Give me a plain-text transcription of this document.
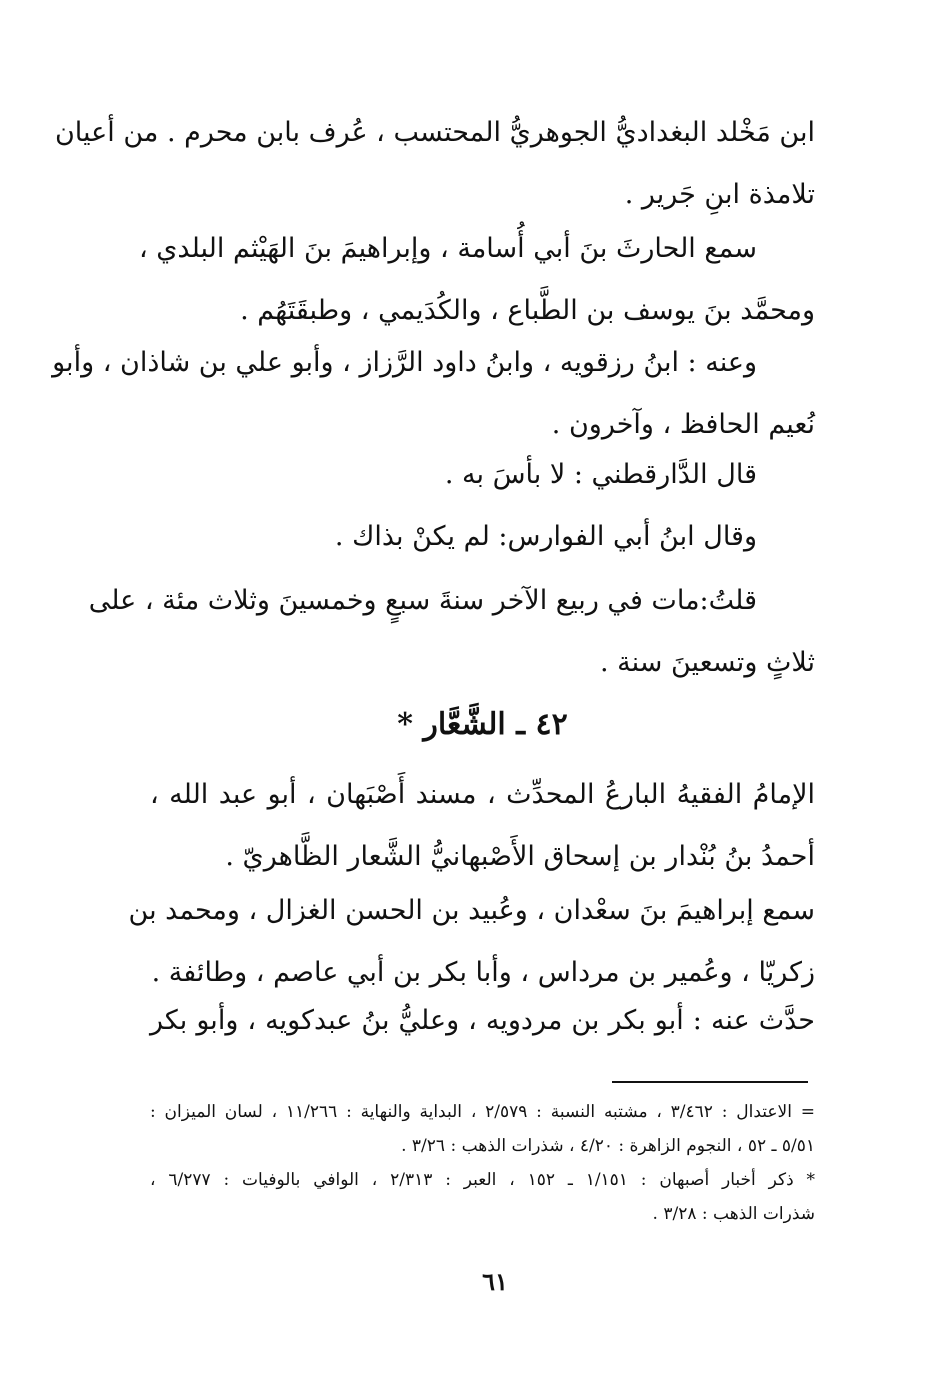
ابن مَخْلد البغداديُّ الجوهريُّ المحتسب ، عُرف بابن محرم . من أعيان
تلامذة ابنِ جَرير .
سمع الحارثَ بنَ أبي أُسامة ، وإبراهيمَ بنَ الهَيْثم البلدي ،
ومحمَّد بنَ يوسف بن الطَّباع ، والكُدَيمي ، وطبقَتَهُم .
وعنه : ابنُ رزقويه ، وابنُ داود الرَّزاز ، وأبو علي بن شاذان ، وأبو
نُعيم الحافظ ، وآخرون .
قال الدَّارقطني : لا بأسَ به .
وقال ابنُ أبي الفوارس: لم يكنْ بذاك .
قلتُ:مات في ربيع الآخر سنةَ سبعٍ وخمسينَ وثلاث مئة ، على
ثلاثٍ وتسعينَ سنة .
٤٢ ـ الشَّعَّار *
الإمامُ الفقيهُ البارعُ المحدِّث ، مسند أَصْبَهان ، أبو عبد الله ،
أحمدُ بنُ بُنْدار بن إسحاق الأَصْبهانيُّ الشَّعار الظَّاهريّ .
سمع إبراهيمَ بنَ سعْدان ، وعُبيد بن الحسن الغزال ، ومحمد بن
زكريّا ، وعُمير بن مرداس ، وأبا بكر بن أبي عاصم ، وطائفة .
حدَّث عنه : أبو بكر بن مردويه ، وعليُّ بنُ عبدكويه ، وأبو بكر
= الاعتدال : ٣/٤٦٢ ، مشتبه النسبة : ٢/٥٧٩ ، البداية والنهاية : ١١/٢٦٦ ، لسان الميزان :
٥/٥١ ـ ٥٢ ، النجوم الزاهرة : ٤/٢٠ ، شذرات الذهب : ٣/٢٦ .
* ذكر أخبار أصبهان : ١/١٥١ ـ ١٥٢ ، العبر : ٢/٣١٣ ، الوافي بالوفيات : ٦/٢٧٧ ،
شذرات الذهب : ٣/٢٨ .
٦١
